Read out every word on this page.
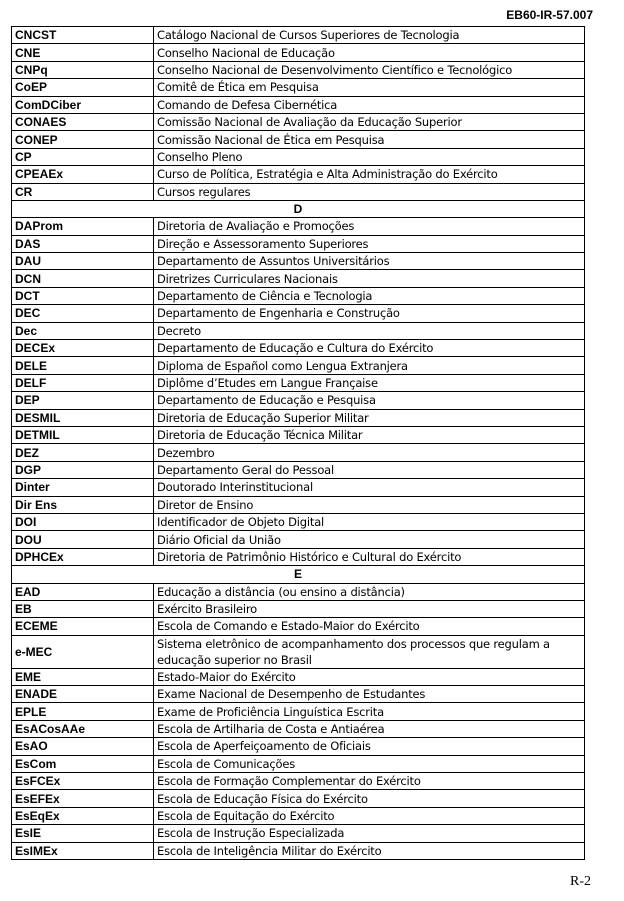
EB60-IR-57.007
CNCST	Catálogo Nacional de Cursos Superiores de Tecnologia
CNE	Conselho Nacional de Educação
CNPq	Conselho Nacional de Desenvolvimento Científico e Tecnológico
CoEP	Comitê de Ética em Pesquisa
ComDCiber	Comando de Defesa Cibernética
CONAES	Comissão Nacional de Avaliação da Educação Superior
CONEP	Comissão Nacional de Ética em Pesquisa
CP	Conselho Pleno
CPEAEx	Curso de Política, Estratégia e Alta Administração do Exército
CR	Cursos regulares
D	
DAProm	Diretoria de Avaliação e Promoções
DAS	Direção e Assessoramento Superiores
DAU	Departamento de Assuntos Universitários
DCN	Diretrizes Curriculares Nacionais
DCT	Departamento de Ciência e Tecnologia
DEC	Departamento de Engenharia e Construção
Dec	Decreto
DECEx	Departamento de Educação e Cultura do Exército
DELE	Diploma de Español como Lengua Extranjera
DELF	Diplôme d’Etudes em Langue Française
DEP	Departamento de Educação e Pesquisa
DESMIL	Diretoria de Educação Superior Militar
DETMIL	Diretoria de Educação Técnica Militar
DEZ	Dezembro
DGP	Departamento Geral do Pessoal
Dinter	Doutorado Interinstitucional
Dir Ens	Diretor de Ensino
DOI	Identificador de Objeto Digital
DOU	Diário Oficial da União
DPHCEx	Diretoria de Patrimônio Histórico e Cultural do Exército
E	
EAD	Educação a distância (ou ensino a distância)
EB	Exército Brasileiro
ECEME	Escola de Comando e Estado-Maior do Exército
e-MEC	Sistema eletrônico de acompanhamento dos processos que regulam a educação superior no Brasil
EME	Estado-Maior do Exército
ENADE	Exame Nacional de Desempenho de Estudantes
EPLE	Exame de Proficiência Linguística Escrita
EsACosAAe	Escola de Artilharia de Costa e Antiaérea
EsAO	Escola de Aperfeiçoamento de Oficiais
EsCom	Escola de Comunicações
EsFCEx	Escola de Formação Complementar do Exército
EsEFEx	Escola de Educação Física do Exército
EsEqEx	Escola de Equitação do Exército
EsIE	Escola de Instrução Especializada
EsIMEx	Escola de Inteligência Militar do Exército
R-2
